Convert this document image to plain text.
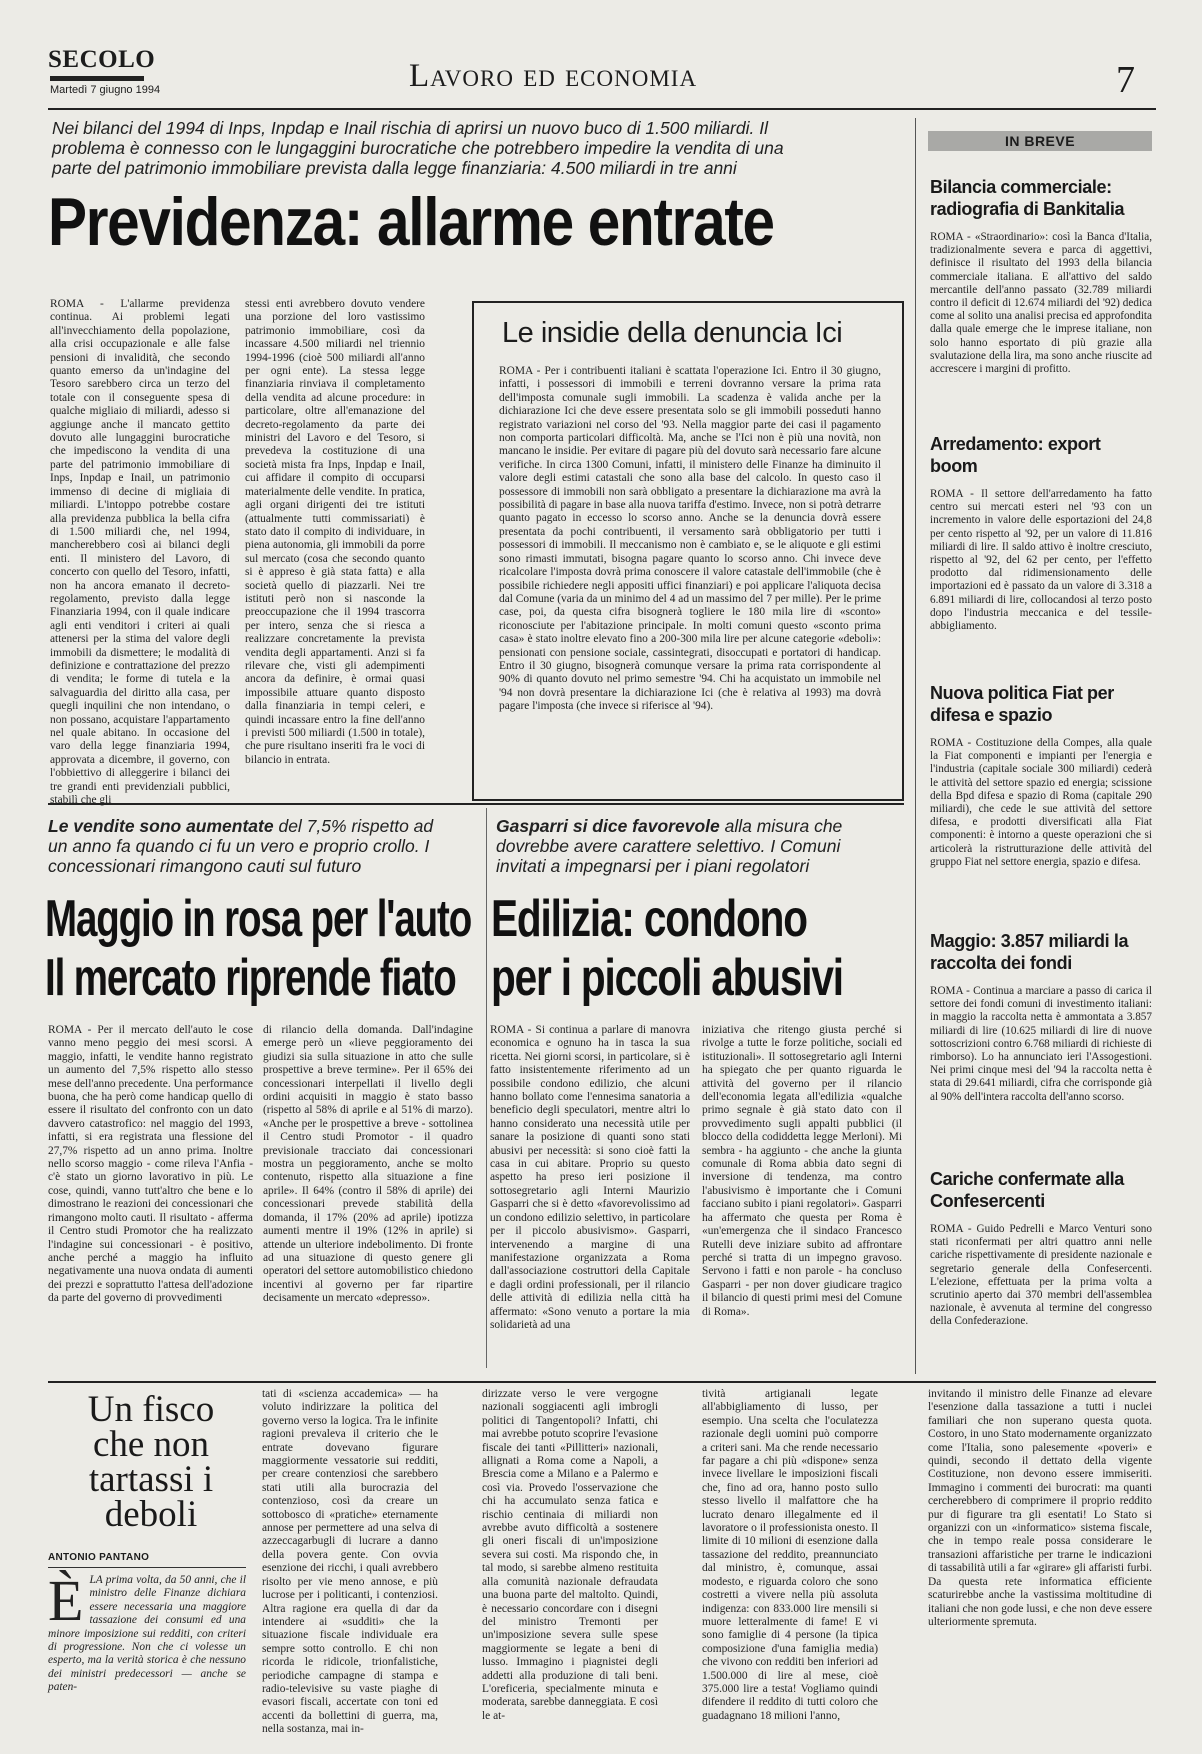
SECOLO
Martedì 7 giugno 1994	Lavoro ed economia	7
Nei bilanci del 1994 di Inps, Inpdap e Inail rischia di aprirsi un nuovo buco di 1.500 miliardi. Il problema è connesso con le lungaggini burocratiche che potrebbero impedire la vendita di una parte del patrimonio immobiliare prevista dalla legge finanziaria: 4.500 miliardi in tre anni
Previdenza: allarme entrate

ROMA - L'allarme previdenza continua. Ai problemi legati all'invecchiamento della popolazione, alla crisi occupazionale e alle false pensioni di invalidità, che secondo quanto emerso da un'indagine del Tesoro sarebbero circa un terzo del totale con il conseguente spesa di qualche migliaio di miliardi, adesso si aggiunge anche il mancato gettito dovuto alle lungaggini burocratiche che impediscono la vendita di una parte del patrimonio immobiliare di Inps, Inpdap e Inail, un patrimonio immenso di decine di migliaia di miliardi. L'intoppo potrebbe costare alla previdenza pubblica la bella cifra di 1.500 miliardi che, nel 1994, mancherebbero così ai bilanci degli enti. Il ministero del Lavoro, di concerto con quello del Tesoro, infatti, non ha ancora emanato il decreto-regolamento, previsto dalla legge Finanziaria 1994, con il quale indicare agli enti venditori i criteri ai quali attenersi per la stima del valore degli immobili da dismettere; le modalità di definizione e contrattazione del prezzo di vendita; le forme di tutela e la salvaguardia del diritto alla casa, per quegli inquilini che non intendano, o non possano, acquistare l'appartamento nel quale abitano. In occasione del varo della legge finanziaria 1994, approvata a dicembre, il governo, con l'obbiettivo di alleggerire i bilanci dei tre grandi enti previdenziali pubblici, stabilì che gli

stessi enti avrebbero dovuto vendere una porzione del loro vastissimo patrimonio immobiliare, così da incassare 4.500 miliardi nel triennio 1994-1996 (cioè 500 miliardi all'anno per ogni ente). La stessa legge finanziaria rinviava il completamento della vendita ad alcune procedure: in particolare, oltre all'emanazione del decreto-regolamento da parte dei ministri del Lavoro e del Tesoro, si prevedeva la costituzione di una società mista fra Inps, Inpdap e Inail, cui affidare il compito di occuparsi materialmente delle vendite. In pratica, agli organi dirigenti dei tre istituti (attualmente tutti commissariati) è stato dato il compito di individuare, in piena autonomia, gli immobili da porre sul mercato (cosa che secondo quanto si è appreso è già stata fatta) e alla società quello di piazzarli. Nei tre istituti però non si nasconde la preoccupazione che il 1994 trascorra per intero, senza che si riesca a realizzare concretamente la prevista vendita degli appartamenti. Anzi si fa rilevare che, visti gli adempimenti ancora da definire, è ormai quasi impossibile attuare quanto disposto dalla finanziaria in tempi celeri, e quindi incassare entro la fine dell'anno i previsti 500 miliardi (1.500 in totale), che pure risultano inseriti fra le voci di bilancio in entrata.

Le insidie della denuncia Ici

ROMA - Per i contribuenti italiani è scattata l'operazione Ici. Entro il 30 giugno, infatti, i possessori di immobili e terreni dovranno versare la prima rata dell'imposta comunale sugli immobili. La scadenza è valida anche per la dichiarazione Ici che deve essere presentata solo se gli immobili posseduti hanno registrato variazioni nel corso del '93. Nella maggior parte dei casi il pagamento non comporta particolari difficoltà. Ma, anche se l'Ici non è più una novità, non mancano le insidie. Per evitare di pagare più del dovuto sarà necessario fare alcune verifiche. In circa 1300 Comuni, infatti, il ministero delle Finanze ha diminuito il valore degli estimi catastali che sono alla base del calcolo. In questo caso il possessore di immobili non sarà obbligato a presentare la dichiarazione ma avrà la possibilità di pagare in base alla nuova tariffa d'estimo. Invece, non si potrà detrarre quanto pagato in eccesso lo scorso anno. Anche se la denuncia dovrà essere presentata da pochi contribuenti, il versamento sarà obbligatorio per tutti i possessori di immobili. Il meccanismo non è cambiato e, se le aliquote e gli estimi sono rimasti immutati, bisogna pagare quanto lo scorso anno. Chi invece deve ricalcolare l'imposta dovrà prima conoscere il valore catastale dell'immobile (che è possibile richiedere negli appositi uffici finanziari) e poi applicare l'aliquota decisa dal Comune (varia da un minimo del 4 ad un massimo del 7 per mille). Per le prime case, poi, da questa cifra bisognerà togliere le 180 mila lire di «sconto» riconosciute per l'abitazione principale. In molti comuni questo «sconto prima casa» è stato inoltre elevato fino a 200-300 mila lire per alcune categorie «deboli»: pensionati con pensione sociale, cassintegrati, disoccupati e portatori di handicap. Entro il 30 giugno, bisognerà comunque versare la prima rata corrispondente al 90% di quanto dovuto nel primo semestre '94. Chi ha acquistato un immobile nel '94 non dovrà presentare la dichiarazione Ici (che è relativa al 1993) ma dovrà pagare l'imposta (che invece si riferisce al '94).

Le vendite sono aumentate del 7,5% rispetto ad un anno fa quando ci fu un vero e proprio crollo. I concessionari rimangono cauti sul futuro
Maggio in rosa per l'auto
Il mercato riprende fiato

ROMA - Per il mercato dell'auto le cose vanno meno peggio dei mesi scorsi. A maggio, infatti, le vendite hanno registrato un aumento del 7,5% rispetto allo stesso mese dell'anno precedente. Una performance buona, che ha però come handicap quello di essere il risultato del confronto con un dato davvero catastrofico: nel maggio del 1993, infatti, si era registrata una flessione del 27,7% rispetto ad un anno prima. Inoltre nello scorso maggio - come rileva l'Anfia - c'è stato un giorno lavorativo in più. Le cose, quindi, vanno tutt'altro che bene e lo dimostrano le reazioni dei concessionari che rimangono molto cauti. Il risultato - afferma il Centro studi Promotor che ha realizzato l'indagine sui concessionari - è positivo, anche perché a maggio ha influito negativamente una nuova ondata di aumenti dei prezzi e soprattutto l'attesa dell'adozione da parte del governo di provvedimenti

di rilancio della domanda. Dall'indagine emerge però un «lieve peggioramento dei giudizi sia sulla situazione in atto che sulle prospettive a breve termine». Per il 65% dei concessionari interpellati il livello degli ordini acquisiti in maggio è stato basso (rispetto al 58% di aprile e al 51% di marzo). «Anche per le prospettive a breve - sottolinea il Centro studi Promotor - il quadro previsionale tracciato dai concessionari mostra un peggioramento, anche se molto contenuto, rispetto alla situazione a fine aprile». Il 64% (contro il 58% di aprile) dei concessionari prevede stabilità della domanda, il 17% (20% ad aprile) ipotizza aumenti mentre il 19% (12% in aprile) si attende un ulteriore indebolimento. Di fronte ad una situazione di questo genere gli operatori del settore automobilistico chiedono incentivi al governo per far ripartire decisamente un mercato «depresso».

Gasparri si dice favorevole alla misura che dovrebbe avere carattere selettivo. I Comuni invitati a impegnarsi per i piani regolatori
Edilizia: condono
per i piccoli abusivi

ROMA - Si continua a parlare di manovra economica e ognuno ha in tasca la sua ricetta. Nei giorni scorsi, in particolare, si è fatto insistentemente riferimento ad un possibile condono edilizio, che alcuni hanno bollato come l'ennesima sanatoria a beneficio degli speculatori, mentre altri lo hanno considerato una necessità utile per sanare la posizione di quanti sono stati abusivi per necessità: si sono cioè fatti la casa in cui abitare. Proprio su questo aspetto ha preso ieri posizione il sottosegretario agli Interni Maurizio Gasparri che si è detto «favorevolissimo ad un condono edilizio selettivo, in particolare per il piccolo abusivismo». Gasparri, intervenendo a margine di una manifestazione organizzata a Roma dall'associazione costruttori della Capitale e dagli ordini professionali, per il rilancio delle attività di edilizia nella città ha affermato: «Sono venuto a portare la mia solidarietà ad una

iniziativa che ritengo giusta perché si rivolge a tutte le forze politiche, sociali ed istituzionali». Il sottosegretario agli Interni ha spiegato che per quanto riguarda le attività del governo per il rilancio dell'economia legata all'edilizia «qualche primo segnale è già stato dato con il provvedimento sugli appalti pubblici (il blocco della codiddetta legge Merloni). Mi sembra - ha aggiunto - che anche la giunta comunale di Roma abbia dato segni di inversione di tendenza, ma contro l'abusivismo è importante che i Comuni facciano subito i piani regolatori». Gasparri ha affermato che questa per Roma è «un'emergenza che il sindaco Francesco Rutelli deve iniziare subito ad affrontare perché si tratta di un impegno gravoso. Servono i fatti e non parole - ha concluso Gasparri - per non dover giudicare tragico il bilancio di questi primi mesi del Comune di Roma».

IN BREVE
Bilancia commerciale: radiografia di Bankitalia
ROMA - «Straordinario»: così la Banca d'Italia, tradizionalmente severa e parca di aggettivi, definisce il risultato del 1993 della bilancia commerciale italiana. E all'attivo del saldo mercantile dell'anno passato (32.789 miliardi contro il deficit di 12.674 miliardi del '92) dedica come al solito una analisi precisa ed approfondita dalla quale emerge che le imprese italiane, non solo hanno esportato di più grazie alla svalutazione della lira, ma sono anche riuscite ad accrescere i margini di profitto.
Arredamento: export boom
ROMA - Il settore dell'arredamento ha fatto centro sui mercati esteri nel '93 con un incremento in valore delle esportazioni del 24,8 per cento rispetto al '92, per un valore di 11.816 miliardi di lire. Il saldo attivo è inoltre cresciuto, rispetto al '92, del 62 per cento, per l'effetto prodotto dal ridimensionamento delle importazioni ed è passato da un valore di 3.318 a 6.891 miliardi di lire, collocandosi al terzo posto dopo l'industria meccanica e del tessile-abbigliamento.
Nuova politica Fiat per difesa e spazio
ROMA - Costituzione della Compes, alla quale la Fiat componenti e impianti per l'energia e l'industria (capitale sociale 300 miliardi) cederà le attività del settore spazio ed energia; scissione della Bpd difesa e spazio di Roma (capitale 290 miliardi), che cede le sue attività del settore difesa, e prodotti diversificati alla Fiat componenti: è intorno a queste operazioni che si articolerà la ristrutturazione delle attività del gruppo Fiat nel settore energia, spazio e difesa.
Maggio: 3.857 miliardi la raccolta dei fondi
ROMA - Continua a marciare a passo di carica il settore dei fondi comuni di investimento italiani: in maggio la raccolta netta è ammontata a 3.857 miliardi di lire (10.625 miliardi di lire di nuove sottoscrizioni contro 6.768 miliardi di richieste di rimborso). Lo ha annunciato ieri l'Assogestioni. Nei primi cinque mesi del '94 la raccolta netta è stata di 29.641 miliardi, cifra che corrisponde già al 90% dell'intera raccolta dell'anno scorso.
Cariche confermate alla Confesercenti
ROMA - Guido Pedrelli e Marco Venturi sono stati riconfermati per altri quattro anni nelle cariche rispettivamente di presidente nazionale e segretario generale della Confesercenti. L'elezione, effettuata per la prima volta a scrutinio aperto dai 370 membri dell'assemblea nazionale, è avvenuta al termine del congresso della Confederazione.
Un fisco che non tartassi i deboli
ANTONIO PANTANO
È LA prima volta, da 50 anni, che il ministro delle Finanze dichiara essere necessaria una maggiore tassazione dei consumi ed una minore imposizione sui redditi, con criteri di progressione. Non che ci volesse un esperto, ma la verità storica è che nessuno dei ministri predecessori — anche se paten-

tati di «scienza accademica» — ha voluto indirizzare la politica del governo verso la logica. Tra le infinite ragioni prevaleva il criterio che le entrate dovevano figurare maggiormente vessatorie sui redditi, per creare contenziosi che sarebbero stati utili alla burocrazia del contenzioso, così da creare un sottobosco di «pratiche» eternamente annose per permettere ad una selva di azzeccagarbugli di lucrare a danno della povera gente. Con ovvia esenzione dei ricchi, i quali avrebbero risolto per vie meno annose, e più lucrose per i politicanti, i contenziosi. Altra ragione era quella di dar da intendere ai «sudditi» che la situazione fiscale individuale era sempre sotto controllo. E chi non ricorda le ridicole, trionfalistiche, periodiche campagne di stampa e radio-televisive su vaste piaghe di evasori fiscali, accertate con toni ed accenti da bollettini di guerra, ma, nella sostanza, mai in-

dirizzate verso le vere vergogne nazionali soggiacenti agli imbrogli politici di Tangentopoli? Infatti, chi mai avrebbe potuto scoprire l'evasione fiscale dei tanti «Pillitteri» nazionali, allignati a Roma come a Napoli, a Brescia come a Milano e a Palermo e così via. Provedo l'osservazione che chi ha accumulato senza fatica e rischio centinaia di miliardi non avrebbe avuto difficoltà a sostenere gli oneri fiscali di un'imposizione severa sui costi. Ma rispondo che, in tal modo, si sarebbe almeno restituita alla comunità nazionale defraudata una buona parte del maltolto. Quindi, è necessario concordare con i disegni del ministro Tremonti per un'imposizione severa sulle spese maggiormente se legate a beni di lusso. Immagino i piagnistei degli addetti alla produzione di tali beni. L'oreficeria, specialmente minuta e moderata, sarebbe danneggiata. E così le at-

tività artigianali legate all'abbigliamento di lusso, per esempio. Una scelta che l'oculatezza razionale degli uomini può comporre a criteri sani. Ma che rende necessario far pagare a chi più «dispone» senza invece livellare le imposizioni fiscali che, fino ad ora, hanno posto sullo stesso livello il malfattore che ha lucrato denaro illegalmente ed il lavoratore o il professionista onesto. Il limite di 10 milioni di esenzione dalla tassazione del reddito, preannunciato dal ministro, è, comunque, assai modesto, e riguarda coloro che sono costretti a vivere nella più assoluta indigenza: con 833.000 lire mensili si muore letteralmente di fame! E vi sono famiglie di 4 persone (la tipica composizione d'una famiglia media) che vivono con redditi ben inferiori ad 1.500.000 di lire al mese, cioè 375.000 lire a testa! Vogliamo quindi difendere il reddito di tutti coloro che guadagnano 18 milioni l'anno,

invitando il ministro delle Finanze ad elevare l'esenzione dalla tassazione a tutti i nuclei familiari che non superano questa quota. Costoro, in uno Stato modernamente organizzato come l'Italia, sono palesemente «poveri» e quindi, secondo il dettato della vigente Costituzione, non devono essere immiseriti. Immagino i commenti dei burocrati: ma quanti cercherebbero di comprimere il proprio reddito pur di figurare tra gli esentati! Lo Stato si organizzi con un «informatico» sistema fiscale, che in tempo reale possa considerare le transazioni affaristiche per trarne le indicazioni di tassabilità utili a far «girare» gli affaristi furbi. Da questa rete informatica efficiente scaturirebbe anche la vastissima moltitudine di italiani che non gode lussi, e che non deve essere ulteriormente spremuta.
